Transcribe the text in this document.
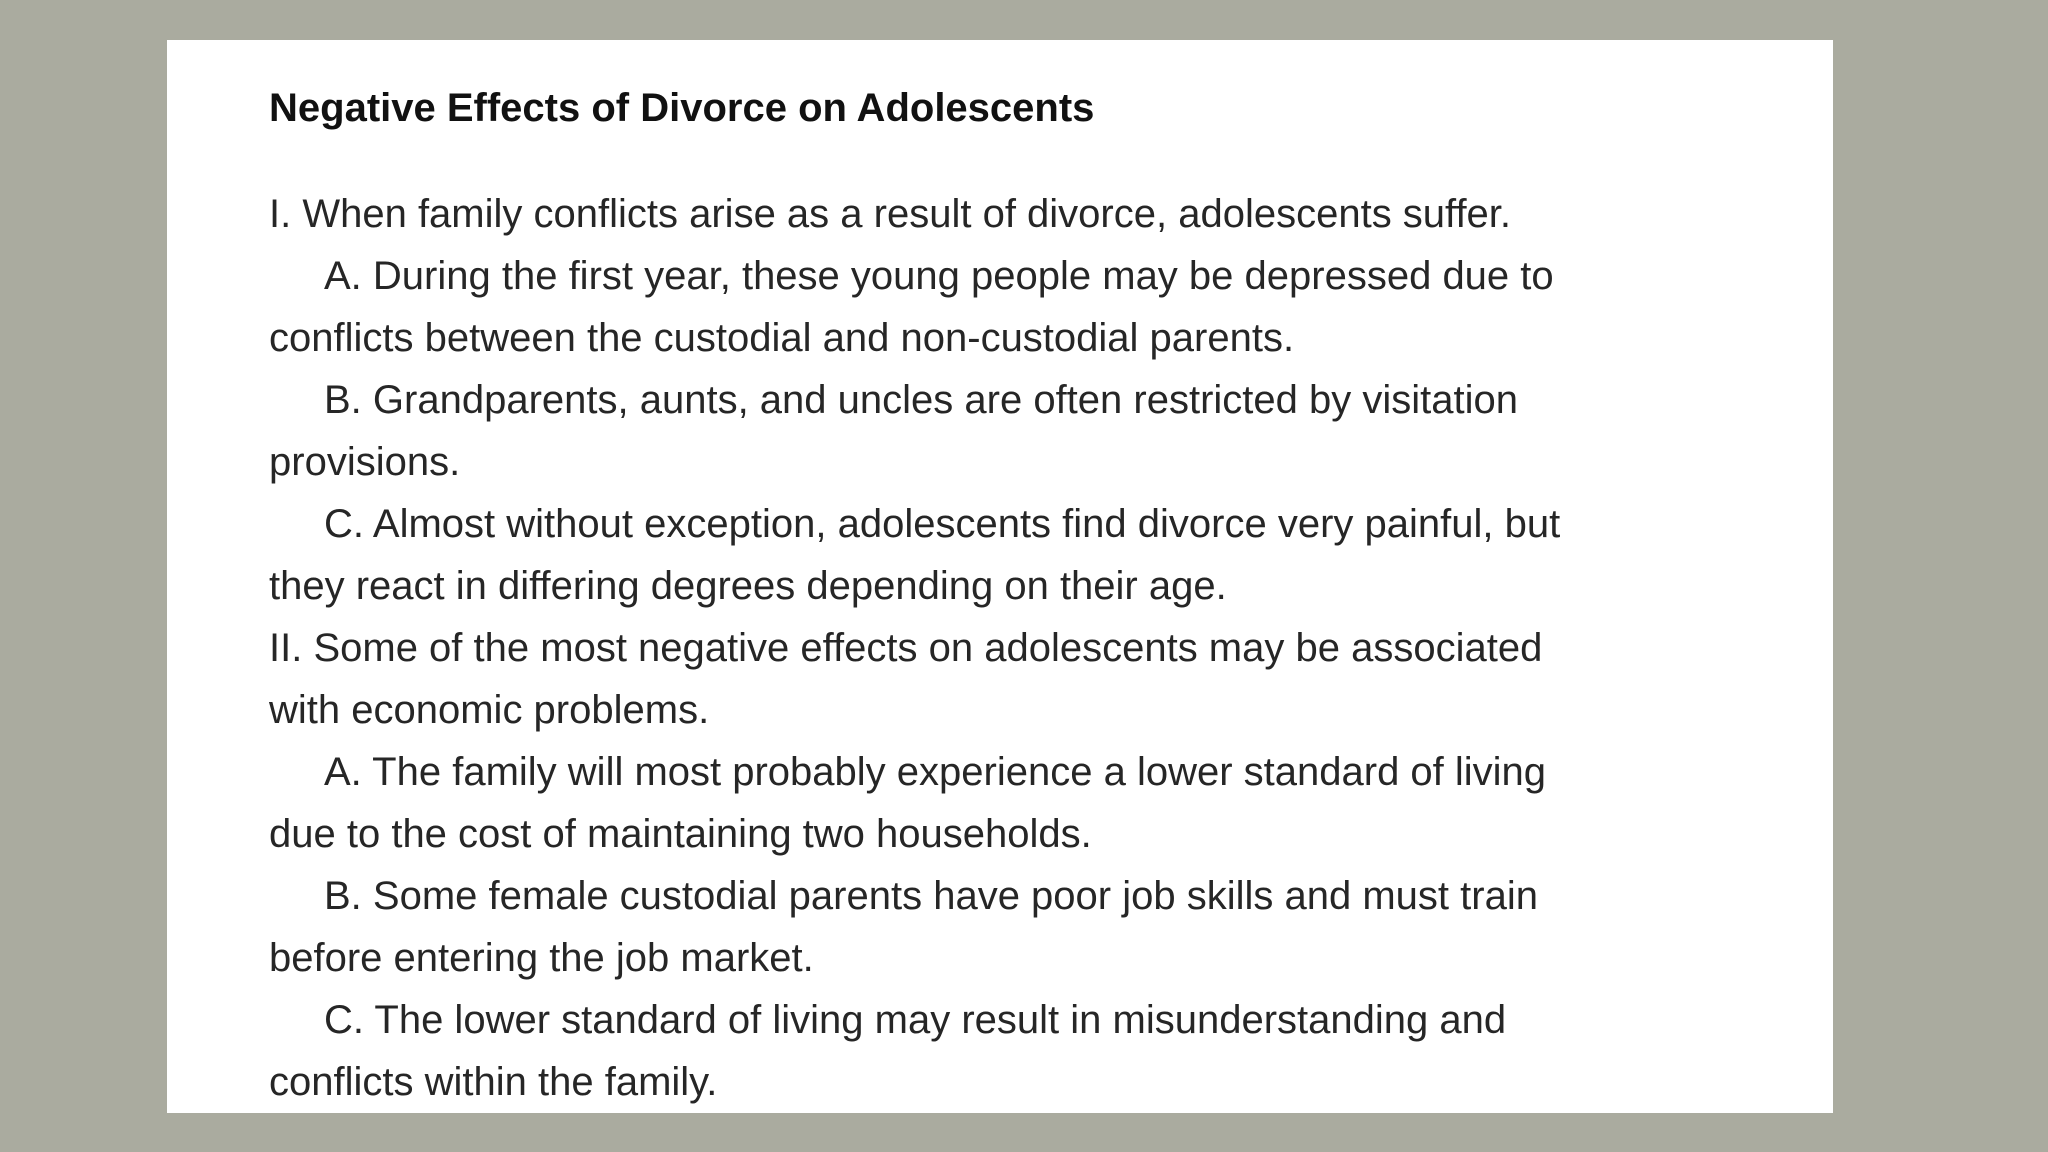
Negative Effects of Divorce on Adolescents
I. When family conflicts arise as a result of divorce, adolescents suffer.
A. During the first year, these young people may be depressed due to
conflicts between the custodial and non-custodial parents.
B. Grandparents, aunts, and uncles are often restricted by visitation
provisions.
C. Almost without exception, adolescents find divorce very painful, but
they react in differing degrees depending on their age.
II. Some of the most negative effects on adolescents may be associated
with economic problems.
A. The family will most probably experience a lower standard of living
due to the cost of maintaining two households.
B. Some female custodial parents have poor job skills and must train
before entering the job market.
C. The lower standard of living may result in misunderstanding and
conflicts within the family.
